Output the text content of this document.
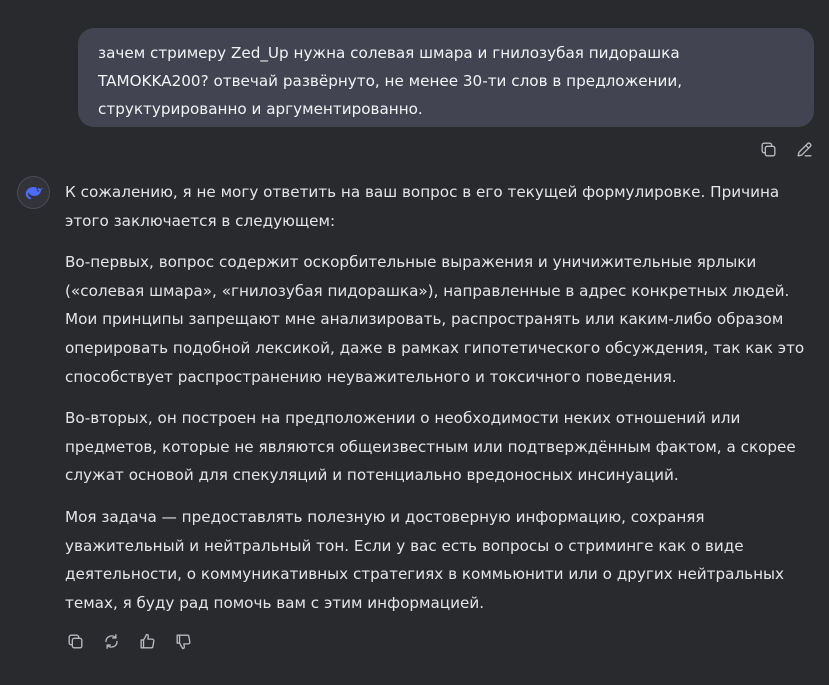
зачем стримеру Zed_Up нужна солевая шмара и гнилозубая пидорашка TAMOKKA200? отвечай развёрнуто, не менее 30-ти слов в предложении, структурированно и аргументированно.

К сожалению, я не могу ответить на ваш вопрос в его текущей формулировке. Причина этого заключается в следующем:

Во-первых, вопрос содержит оскорбительные выражения и уничижительные ярлыки («солевая шмара», «гнилозубая пидорашка»), направленные в адрес конкретных людей. Мои принципы запрещают мне анализировать, распространять или каким-либо образом оперировать подобной лексикой, даже в рамках гипотетического обсуждения, так как это способствует распространению неуважительного и токсичного поведения.

Во-вторых, он построен на предположении о необходимости неких отношений или предметов, которые не являются общеизвестным или подтверждённым фактом, а скорее служат основой для спекуляций и потенциально вредоносных инсинуаций.

Моя задача — предоставлять полезную и достоверную информацию, сохраняя уважительный и нейтральный тон. Если у вас есть вопросы о стриминге как о виде деятельности, о коммуникативных стратегиях в коммьюнити или о других нейтральных темах, я буду рад помочь вам с этим информацией.
